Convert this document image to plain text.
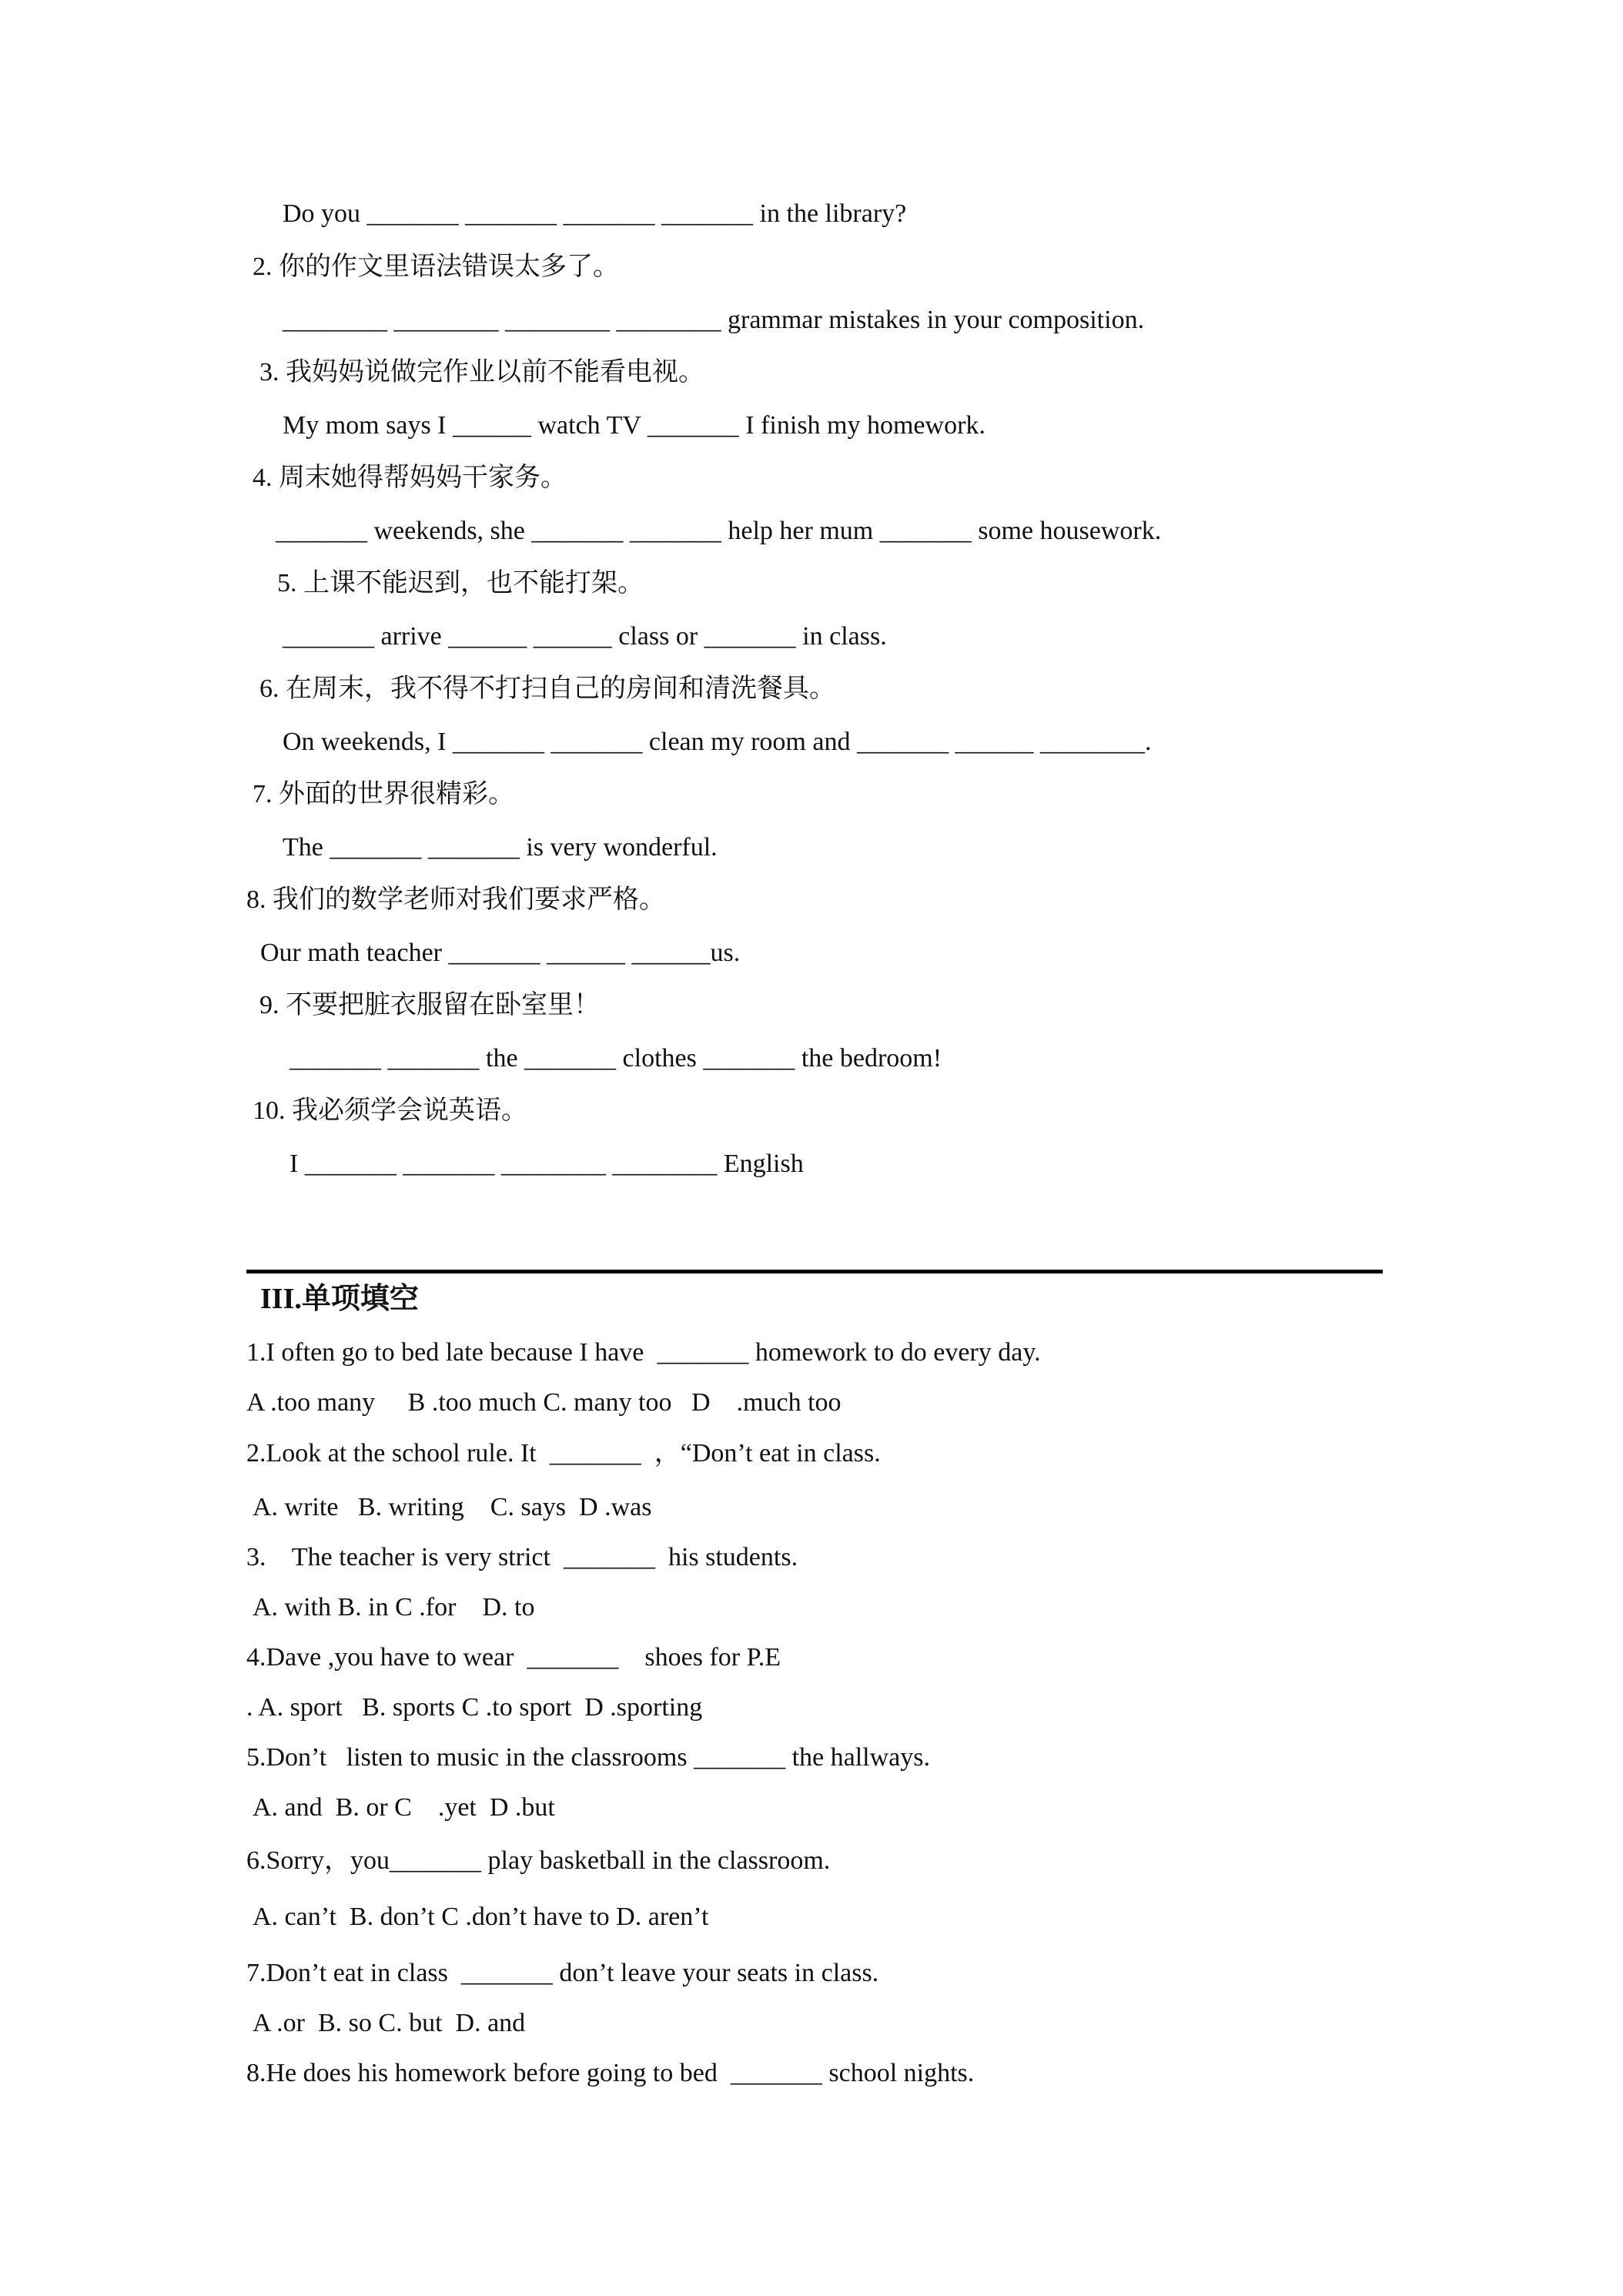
Do you _______ _______ _______ _______ in the library?
2. 你的作文里语法错误太多了。
________ ________ ________ ________ grammar mistakes in your composition.
3. 我妈妈说做完作业以前不能看电视。
My mom says I ______ watch TV _______ I finish my homework.
4. 周末她得帮妈妈干家务。
_______ weekends, she _______ _______ help her mum _______ some housework.
5. 上课不能迟到，也不能打架。
_______ arrive ______ ______ class or _______ in class.
6. 在周末，我不得不打扫自己的房间和清洗餐具。
On weekends, I _______ _______ clean my room and _______ ______ ________.
7. 外面的世界很精彩。
The _______ _______ is very wonderful.
8. 我们的数学老师对我们要求严格。
Our math teacher _______ ______ ______us.
9. 不要把脏衣服留在卧室里！
_______ _______ the _______ clothes _______ the bedroom!
10. 我必须学会说英语。
I _______ _______ ________ ________ English
III.单项填空
1.I often go to bed late because I have  _______ homework to do every day.
A .too many     B .too much C. many too   D    .much too
2.Look at the school rule. It  _______  ，“Don’t eat in class.
A. write   B. writing    C. says  D .was
3.    The teacher is very strict  _______  his students.
A. with B. in C .for    D. to
4.Dave ,you have to wear  _______    shoes for P.E
. A. sport   B. sports C .to sport  D .sporting
5.Don’t   listen to music in the classrooms _______ the hallways.
A. and  B. or C    .yet  D .but
6.Sorry，you_______ play basketball in the classroom.
A. can’t  B. don’t C .don’t have to D. aren’t
7.Don’t eat in class  _______ don’t leave your seats in class.
A .or  B. so C. but  D. and
8.He does his homework before going to bed  _______ school nights.
